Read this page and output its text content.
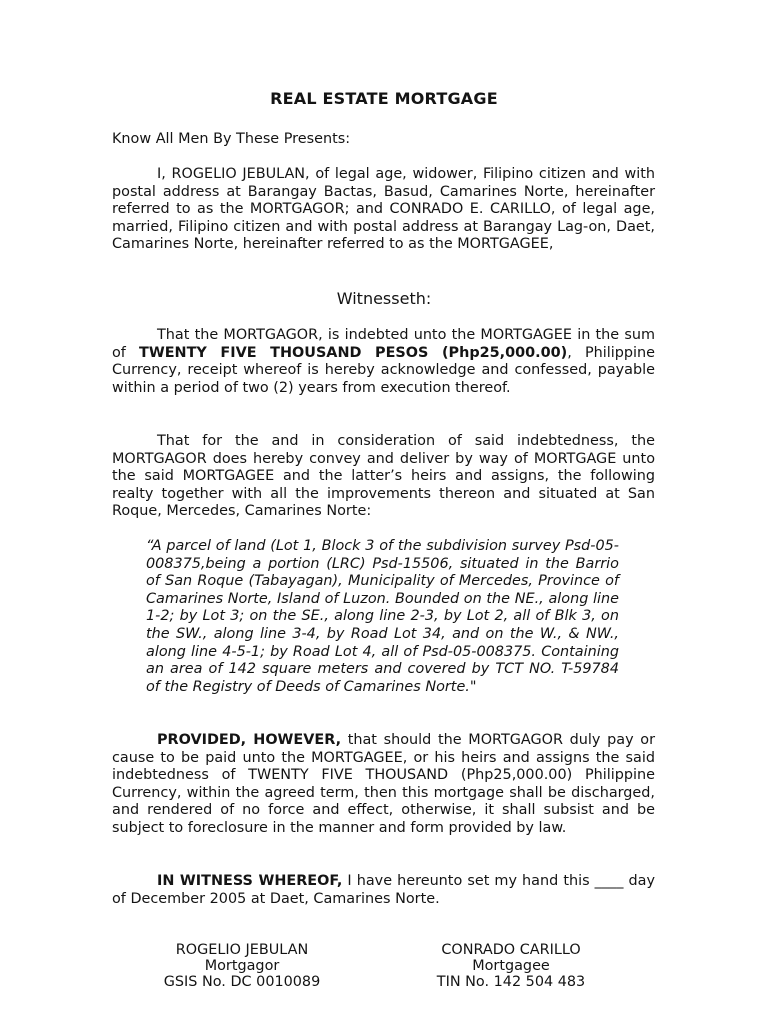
REAL ESTATE MORTGAGE
Know All Men By These Presents:
I, ROGELIO JEBULAN, of legal age, widower, Filipino citizen and with postal address at Barangay Bactas, Basud, Camarines Norte, hereinafter referred to as the MORTGAGOR; and CONRADO E. CARILLO, of legal age, married, Filipino citizen and with postal address at Barangay Lag-on, Daet, Camarines Norte, hereinafter referred to as the MORTGAGEE,
Witnesseth:
That the MORTGAGOR, is indebted unto the MORTGAGEE in the sum of TWENTY FIVE THOUSAND PESOS (Php25,000.00), Philippine Currency, receipt whereof is hereby acknowledge and confessed, payable within a period of two (2) years from execution thereof.
That for the and in consideration of said indebtedness, the MORTGAGOR does hereby convey and deliver by way of MORTGAGE unto the said MORTGAGEE and the latter’s heirs and assigns, the following realty together with all the improvements thereon and situated at San Roque, Mercedes, Camarines Norte:
“A parcel of land (Lot 1, Block 3 of the subdivision survey Psd-05-008375,being a portion (LRC) Psd-15506, situated in the Barrio of San Roque (Tabayagan), Municipality of Mercedes, Province of Camarines Norte, Island of Luzon. Bounded on the NE., along line 1-2; by Lot 3; on the SE., along line 2-3, by Lot 2, all of Blk 3, on the SW., along line 3-4, by Road Lot 34, and on the W., & NW., along line 4-5-1; by Road Lot 4, all of Psd-05-008375. Containing an area of 142 square meters and covered by TCT NO. T-59784 of the Registry of Deeds of Camarines Norte."
PROVIDED, HOWEVER, that should the MORTGAGOR duly pay or cause to be paid unto the MORTGAGEE, or his heirs and assigns the said indebtedness of TWENTY FIVE THOUSAND (Php25,000.00) Philippine Currency, within the agreed term, then this mortgage shall be discharged, and rendered of no force and effect, otherwise, it shall subsist and be subject to foreclosure in the manner and form provided by law.
IN WITNESS WHEREOF, I have hereunto set my hand this ____ day of December 2005 at Daet, Camarines Norte.
ROGELIO JEBULAN
Mortgagor
GSIS No. DC 0010089
CONRADO CARILLO
Mortgagee
TIN No. 142 504 483
